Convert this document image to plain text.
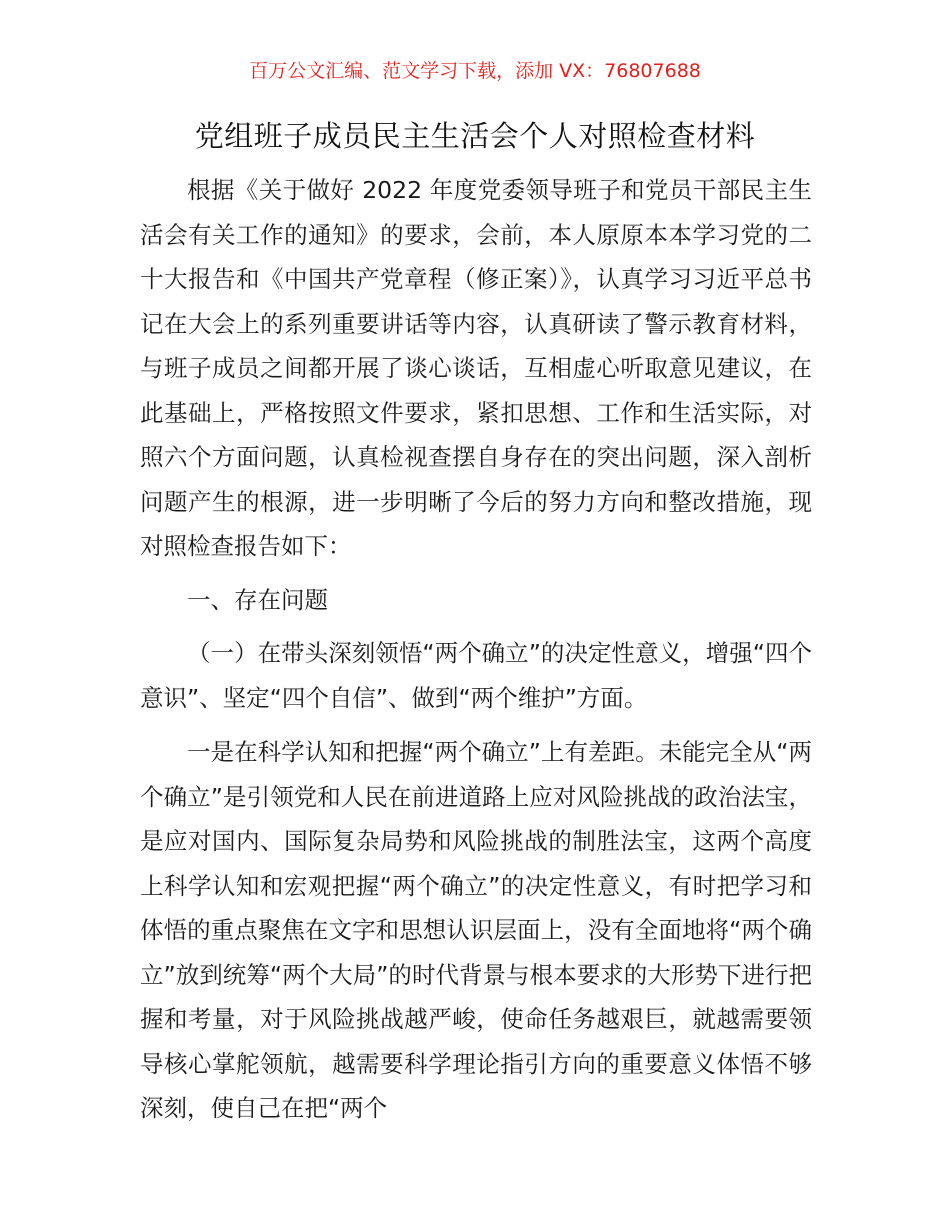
百万公文汇编、范文学习下载，添加 VX：76807688
党组班子成员民主生活会个人对照检查材料

根据《关于做好 2022 年度党委领导班子和党员干部民主生活会有关工作的通知》的要求，会前，本人原原本本学习党的二十大报告和《中国共产党章程（修正案）》，认真学习习近平总书记在大会上的系列重要讲话等内容，认真研读了警示教育材料，与班子成员之间都开展了谈心谈话，互相虚心听取意见建议，在此基础上，严格按照文件要求，紧扣思想、工作和生活实际，对照六个方面问题，认真检视查摆自身存在的突出问题，深入剖析问题产生的根源，进一步明晰了今后的努力方向和整改措施，现对照检查报告如下：

一、存在问题

（一）在带头深刻领悟“两个确立”的决定性意义，增强“四个意识”、坚定“四个自信”、做到“两个维护”方面。

一是在科学认知和把握“两个确立”上有差距。未能完全从“两个确立”是引领党和人民在前进道路上应对风险挑战的政治法宝，是应对国内、国际复杂局势和风险挑战的制胜法宝，这两个高度上科学认知和宏观把握“两个确立”的决定性意义，有时把学习和体悟的重点聚焦在文字和思想认识层面上，没有全面地将“两个确立”放到统筹“两个大局”的时代背景与根本要求的大形势下进行把握和考量，对于风险挑战越严峻，使命任务越艰巨，就越需要领导核心掌舵领航，越需要科学理论指引方向的重要意义体悟不够深刻，使自己在把“两个
